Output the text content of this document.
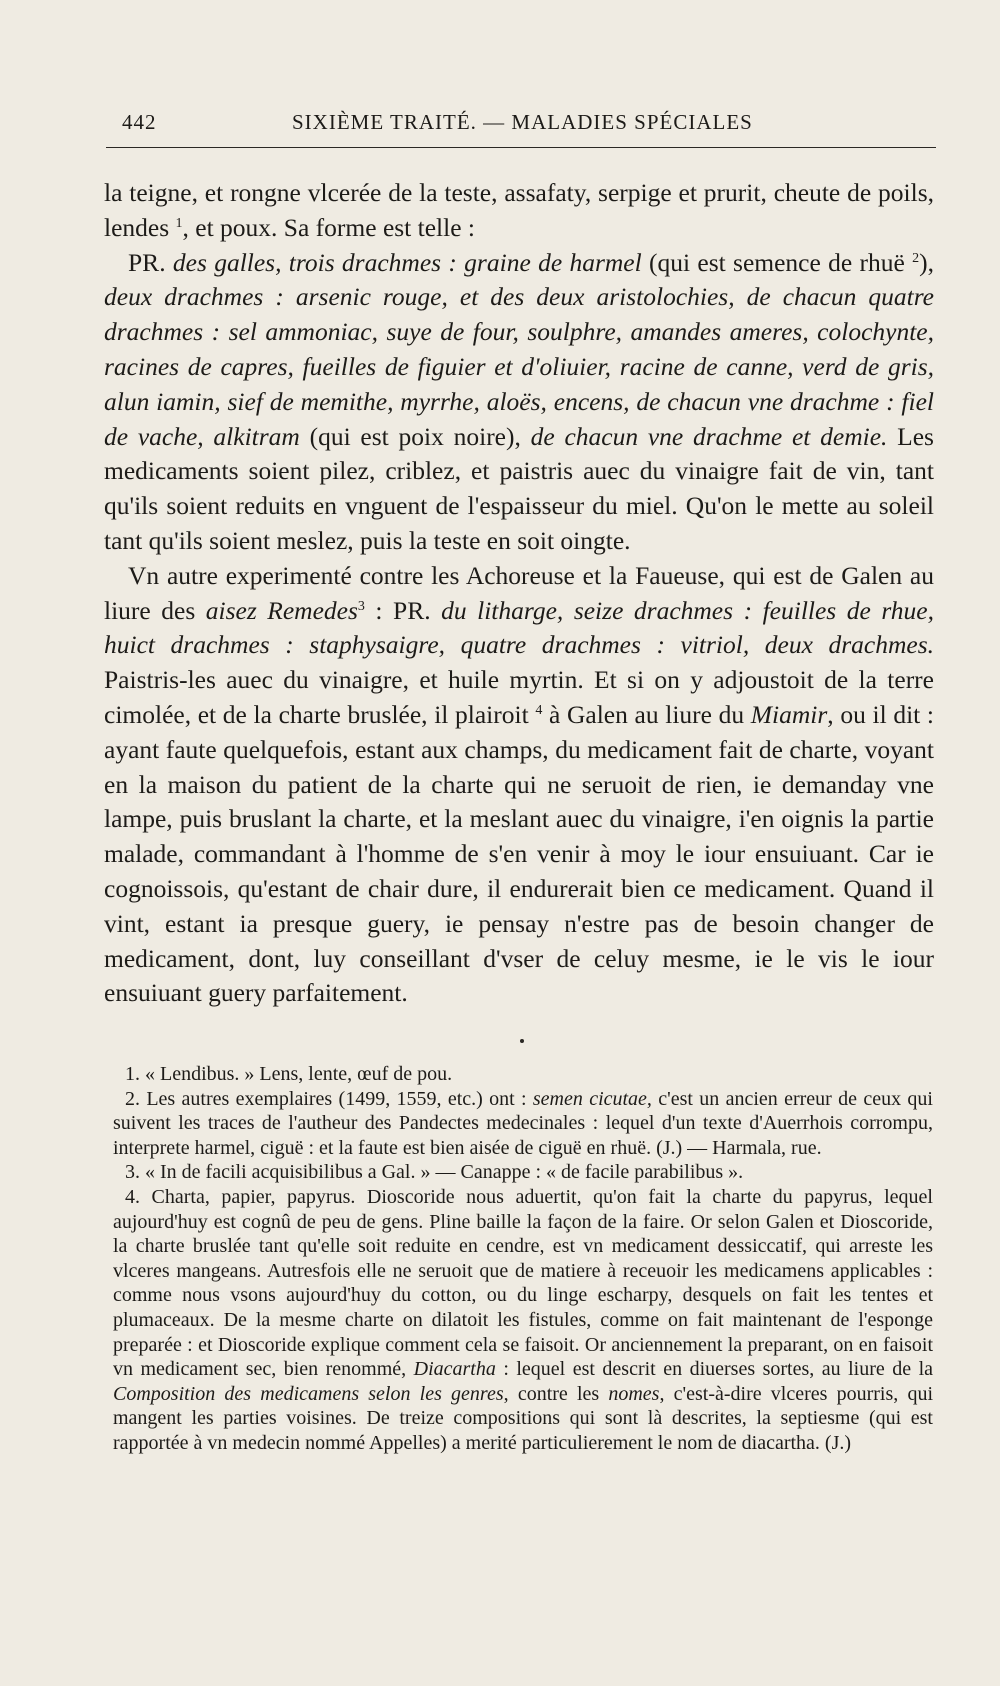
442	SIXIÈME TRAITÉ. — MALADIES SPÉCIALES

la teigne, et rongne vlcerée de la teste, assafaty, serpige et prurit, cheute de poils, lendes $^1$, et poux. Sa forme est telle :

PR. des galles, trois drachmes : graine de harmel (qui est semence de rhuë $^2$), deux drachmes : arsenic rouge, et des deux aristolochies, de chacun quatre drachmes : sel ammoniac, suye de four, soulphre, amandes ameres, colochynte, racines de capres, fueilles de figuier et d'oliuier, racine de canne, verd de gris, alun iamin, sief de memithe, myrrhe, aloës, encens, de chacun vne drachme : fiel de vache, alkitram (qui est poix noire), de chacun vne drachme et demie. Les medicaments soient pilez, criblez, et paistris auec du vinaigre fait de vin, tant qu'ils soient reduits en vnguent de l'espaisseur du miel. Qu'on le mette au soleil tant qu'ils soient meslez, puis la teste en soit oingte.

Vn autre experimenté contre les Achoreuse et la Faueuse, qui est de Galen au liure des aisez Remedes$^3$ : PR. du litharge, seize drachmes : feuilles de rhue, huict drachmes : staphysaigre, quatre drachmes : vitriol, deux drachmes. Paistris-les auec du vinaigre, et huile myrtin. Et si on y adjoustoit de la terre cimolée, et de la charte bruslée, il plairoit $^4$ à Galen au liure du Miamir, ou il dit : ayant faute quelquefois, estant aux champs, du medicament fait de charte, voyant en la maison du patient de la charte qui ne seruoit de rien, ie demanday vne lampe, puis bruslant la charte, et la meslant auec du vinaigre, i'en oignis la partie malade, commandant à l'homme de s'en venir à moy le iour ensuiuant. Car ie cognoissois, qu'estant de chair dure, il endurerait bien ce medicament. Quand il vint, estant ia presque guery, ie pensay n'estre pas de besoin changer de medicament, dont, luy conseillant d'vser de celuy mesme, ie le vis le iour ensuiuant guery parfaitement.

1. « Lendibus. » Lens, lente, œuf de pou.

2. Les autres exemplaires (1499, 1559, etc.) ont : semen cicutae, c'est un ancien erreur de ceux qui suivent les traces de l'autheur des Pandectes medecinales : lequel d'un texte d'Auerrhois corrompu, interprete harmel, ciguë : et la faute est bien aisée de ciguë en rhuë. (J.) — Harmala, rue.

3. « In de facili acquisibilibus a Gal. » — Canappe : « de facile parabilibus ».

4. Charta, papier, papyrus. Dioscoride nous aduertit, qu'on fait la charte du papyrus, lequel aujourd'huy est cognû de peu de gens. Pline baille la façon de la faire. Or selon Galen et Dioscoride, la charte bruslée tant qu'elle soit reduite en cendre, est vn medicament dessiccatif, qui arreste les vlceres mangeans. Autresfois elle ne seruoit que de matiere à receuoir les medicamens applicables : comme nous vsons aujourd'huy du cotton, ou du linge escharpy, desquels on fait les tentes et plumaceaux. De la mesme charte on dilatoit les fistules, comme on fait maintenant de l'esponge preparée : et Dioscoride explique comment cela se faisoit. Or anciennement la preparant, on en faisoit vn medicament sec, bien renommé, Diacartha : lequel est descrit en diuerses sortes, au liure de la Composition des medicamens selon les genres, contre les nomes, c'est-à-dire vlceres pourris, qui mangent les parties voisines. De treize compositions qui sont là descrites, la septiesme (qui est rapportée à vn medecin nommé Appelles) a merité particulierement le nom de diacartha. (J.)
